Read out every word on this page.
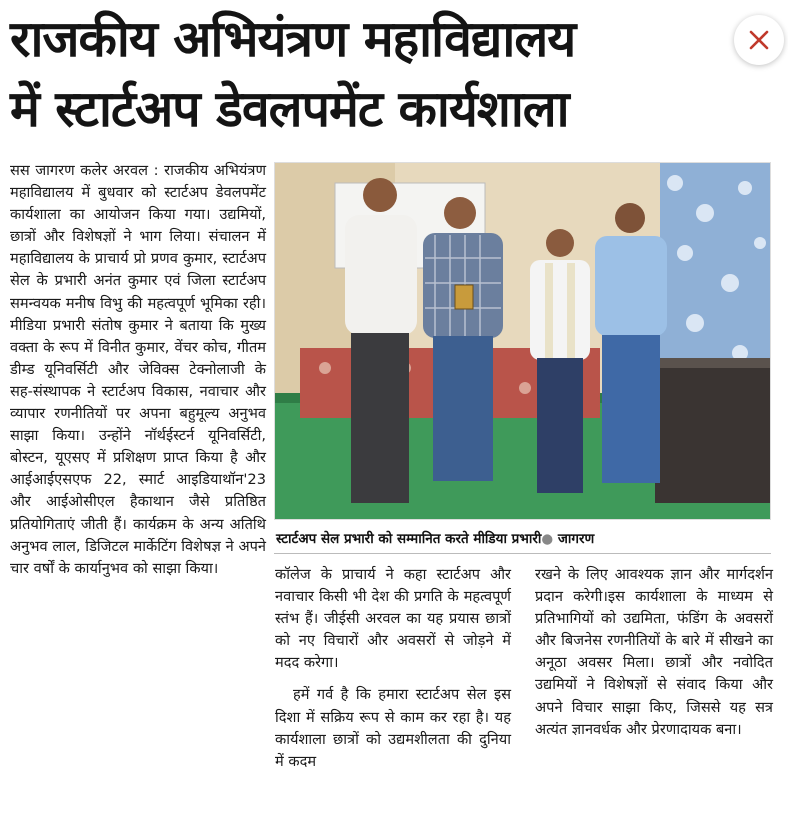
राजकीय अभियंत्रण महाविद्यालय
में स्टार्टअप डेवलपमेंट कार्यशाला

सस जागरण कलेर अरवल : राजकीय अभियंत्रण महाविद्यालय में बुधवार को स्टार्टअप डेवलपमेंट कार्यशाला का आयोजन किया गया। उद्यमियों, छात्रों और विशेषज्ञों ने भाग लिया। संचालन में महाविद्यालय के प्राचार्य प्रो प्रणव कुमार, स्टार्टअप सेल के प्रभारी अनंत कुमार एवं जिला स्टार्टअप समन्वयक मनीष विभु की महत्वपूर्ण भूमिका रही। मीडिया प्रभारी संतोष कुमार ने बताया कि मुख्य वक्ता के रूप में विनीत कुमार, वेंचर कोच, गीतम डीम्ड यूनिवर्सिटी और जेविक्स टेक्नोलाजी के सह-संस्थापक ने स्टार्टअप विकास, नवाचार और व्यापार रणनीतियों पर अपना बहुमूल्य अनुभव साझा किया। उन्होंने नॉर्थईस्टर्न यूनिवर्सिटी, बोस्टन, यूएसए में प्रशिक्षण प्राप्त किया है और आईआईएसएफ 22, स्मार्ट आइडियाथॉन'23 और आईओसीएल हैकाथान जैसे प्रतिष्ठित प्रतियोगिताएं जीती हैं। कार्यक्रम के अन्य अतिथि अनुभव लाल, डिजिटल मार्केटिंग विशेषज्ञ ने अपने चार वर्षों के कार्यानुभव को साझा किया।

स्टार्टअप सेल प्रभारी को सम्मानित करते मीडिया प्रभारी● जागरण

कॉलेज के प्राचार्य ने कहा स्टार्टअप और नवाचार किसी भी देश की प्रगति के महत्वपूर्ण स्तंभ हैं। जीईसी अरवल का यह प्रयास छात्रों को नए विचारों और अवसरों से जोड़ने में मदद करेगा।

हमें गर्व है कि हमारा स्टार्टअप सेल इस दिशा में सक्रिय रूप से काम कर रहा है। यह कार्यशाला छात्रों को उद्यमशीलता की दुनिया में कदम

रखने के लिए आवश्यक ज्ञान और मार्गदर्शन प्रदान करेगी।इस कार्यशाला के माध्यम से प्रतिभागियों को उद्यमिता, फंडिंग के अवसरों और बिजनेस रणनीतियों के बारे में सीखने का अनूठा अवसर मिला। छात्रों और नवोदित उद्यमियों ने विशेषज्ञों से संवाद किया और अपने विचार साझा किए, जिससे यह सत्र अत्यंत ज्ञानवर्धक और प्रेरणादायक बना।
